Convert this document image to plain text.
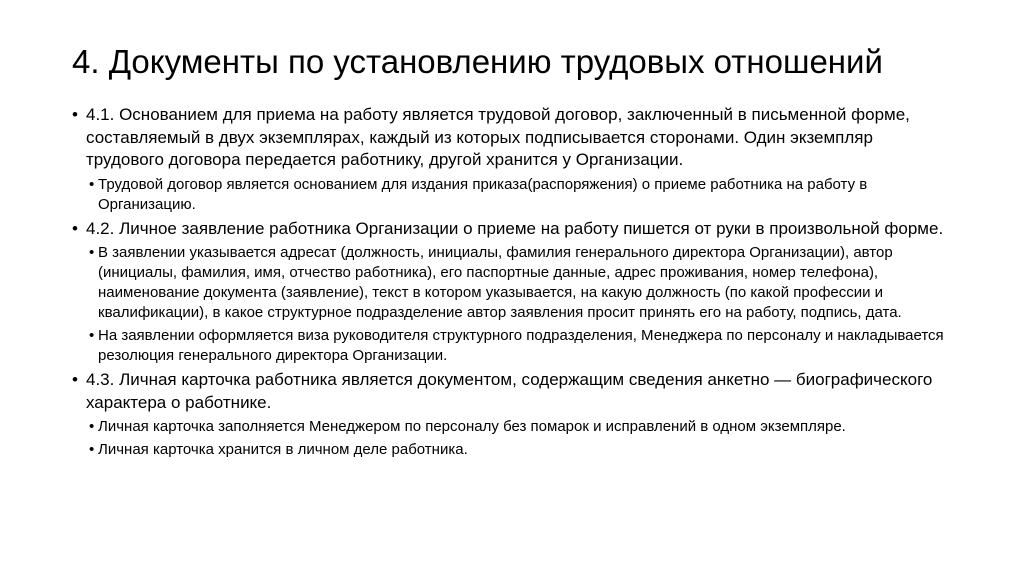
4. Документы по установлению трудовых отношений
• 4.1. Основанием для приема на работу является трудовой договор, заключенный в письменной форме, составляемый в двух экземплярах, каждый из которых подписывается сторонами. Один экземпляр трудового договора передается работнику, другой хранится у Организации.
• Трудовой договор является основанием для издания приказа(распоряжения) о приеме работника на работу в Организацию.
• 4.2. Личное заявление работника Организации о приеме на работу пишется от руки в произвольной форме.
• В заявлении указывается адресат (должность, инициалы, фамилия генерального директора Организации), автор (инициалы, фамилия, имя, отчество работника), его паспортные данные, адрес проживания, номер телефона), наименование документа (заявление), текст в котором указывается, на какую должность (по какой профессии и квалификации), в какое структурное подразделение автор заявления просит принять его на работу, подпись, дата.
• На заявлении оформляется виза руководителя структурного подразделения, Менеджера по персоналу и накладывается резолюция генерального директора Организации.
• 4.3. Личная карточка работника является документом, содержащим сведения анкетно — биографического характера о работнике.
• Личная карточка заполняется Менеджером по персоналу без помарок и исправлений в одном экземпляре.
• Личная карточка хранится в личном деле работника.
